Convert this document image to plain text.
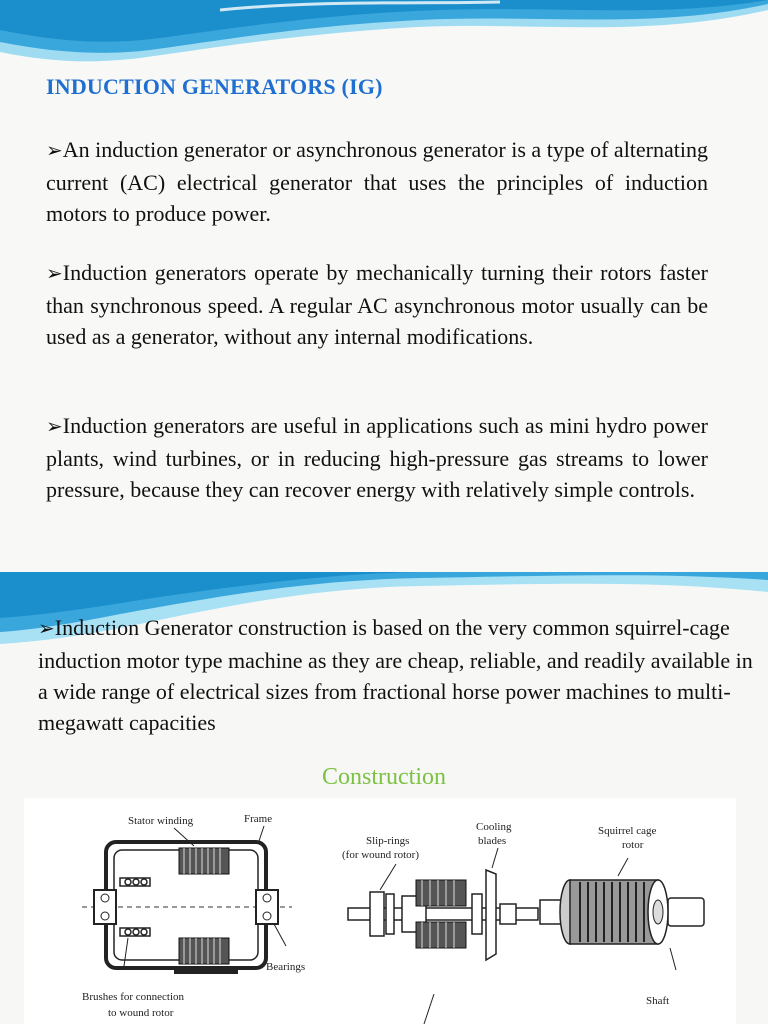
INDUCTION GENERATORS (IG)
➢An induction generator or asynchronous generator is a type of alternating current (AC) electrical generator that uses the principles of induction motors to produce power.
➢Induction generators operate by mechanically turning their rotors faster than synchronous speed. A regular AC asynchronous motor usually can be used as a generator, without any internal modifications.
➢Induction generators are useful in applications such as mini hydro power plants, wind turbines, or in reducing high-pressure gas streams to lower pressure, because they can recover energy with relatively simple controls.
➢Induction Generator construction is based on the very common squirrel-cage induction motor type machine as they are cheap, reliable, and readily available in a wide range of electrical sizes from fractional horse power machines to multi-megawatt capacities
Construction
Stator winding	Frame
Bearings
Brushes for connection
to wound rotor
Slip-rings
(for wound rotor)
Cooling
blades
Squirrel cage
rotor
Shaft
